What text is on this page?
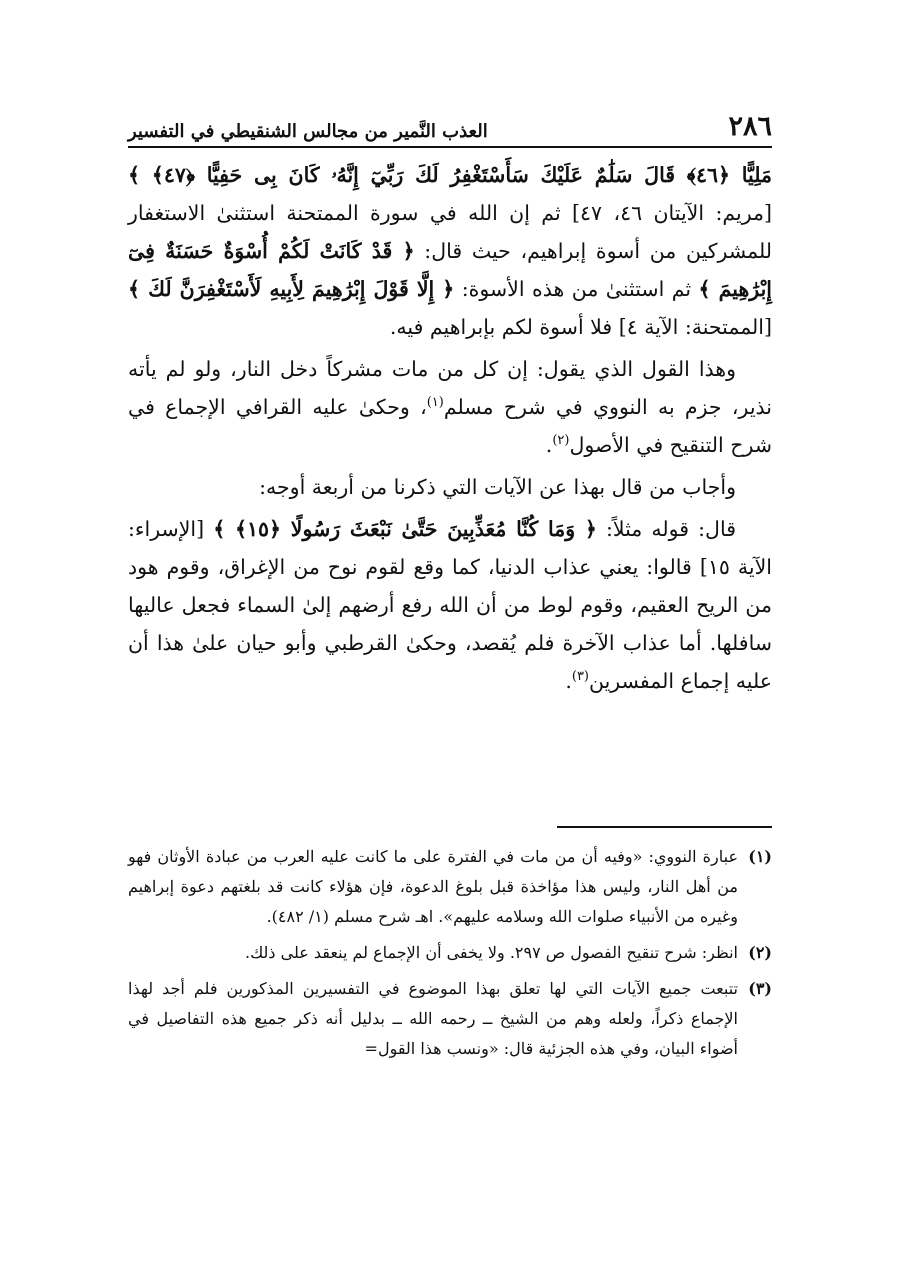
٢٨٦
العذب النَّمير من مجالس الشنقيطي في التفسير

مَلِيًّا ﴿٤٦﴾ قَالَ سَلَٰمٌ عَلَيْكَ سَأَسْتَغْفِرُ لَكَ رَبِّيٓ إِنَّهُۥ كَانَ بِى حَفِيًّا ﴿٤٧﴾ ﴾ [مريم: الآيتان ٤٦، ٤٧] ثم إن الله في سورة الممتحنة استثنىٰ الاستغفار للمشركين من أسوة إبراهيم، حيث قال: ﴿ قَدْ كَانَتْ لَكُمْ أُسْوَةٌ حَسَنَةٌ فِىٓ إِبْرَٰهِيمَ ﴾ ثم استثنىٰ من هذه الأسوة: ﴿ إِلَّا قَوْلَ إِبْرَٰهِيمَ لِأَبِيهِ لَأَسْتَغْفِرَنَّ لَكَ ﴾ [الممتحنة: الآية ٤] فلا أسوة لكم بإبراهيم فيه.

وهذا القول الذي يقول: إن كل من مات مشركاً دخل النار، ولو لم يأته نذير، جزم به النووي في شرح مسلم$^{(١)}$، وحكىٰ عليه القرافي الإجماع في شرح التنقيح في الأصول$^{(٢)}$.

وأجاب من قال بهذا عن الآيات التي ذكرنا من أربعة أوجه:

قال: قوله مثلاً: ﴿ وَمَا كُنَّا مُعَذِّبِينَ حَتَّىٰ نَبْعَثَ رَسُولًا ﴿١٥﴾ ﴾ [الإسراء: الآية ١٥] قالوا: يعني عذاب الدنيا، كما وقع لقوم نوح من الإغراق، وقوم هود من الريح العقيم، وقوم لوط من أن الله رفع أرضهم إلىٰ السماء فجعل عاليها سافلها. أما عذاب الآخرة فلم يُقصد، وحكىٰ القرطبي وأبو حيان علىٰ هذا أن عليه إجماع المفسرين$^{(٣)}$.

(١)
عبارة النووي: «وفيه أن من مات في الفترة على ما كانت عليه العرب من عبادة الأوثان فهو من أهل النار، وليس هذا مؤاخذة قبل بلوغ الدعوة، فإن هؤلاء كانت قد بلغتهم دعوة إبراهيم وغيره من الأنبياء صلوات الله وسلامه عليهم». اهـ شرح مسلم (١/ ٤٨٢).
(٢)
انظر: شرح تنقيح الفصول ص ٢٩٧. ولا يخفى أن الإجماع لم ينعقد على ذلك.
(٣)
تتبعت جميع الآيات التي لها تعلق بهذا الموضوع في التفسيرين المذكورين فلم أجد لهذا الإجماع ذكراً، ولعله وهم من الشيخ ــ رحمه الله ــ بدليل أنه ذكر جميع هذه التفاصيل في أضواء البيان، وفي هذه الجزئية قال: «ونسب هذا القول=
